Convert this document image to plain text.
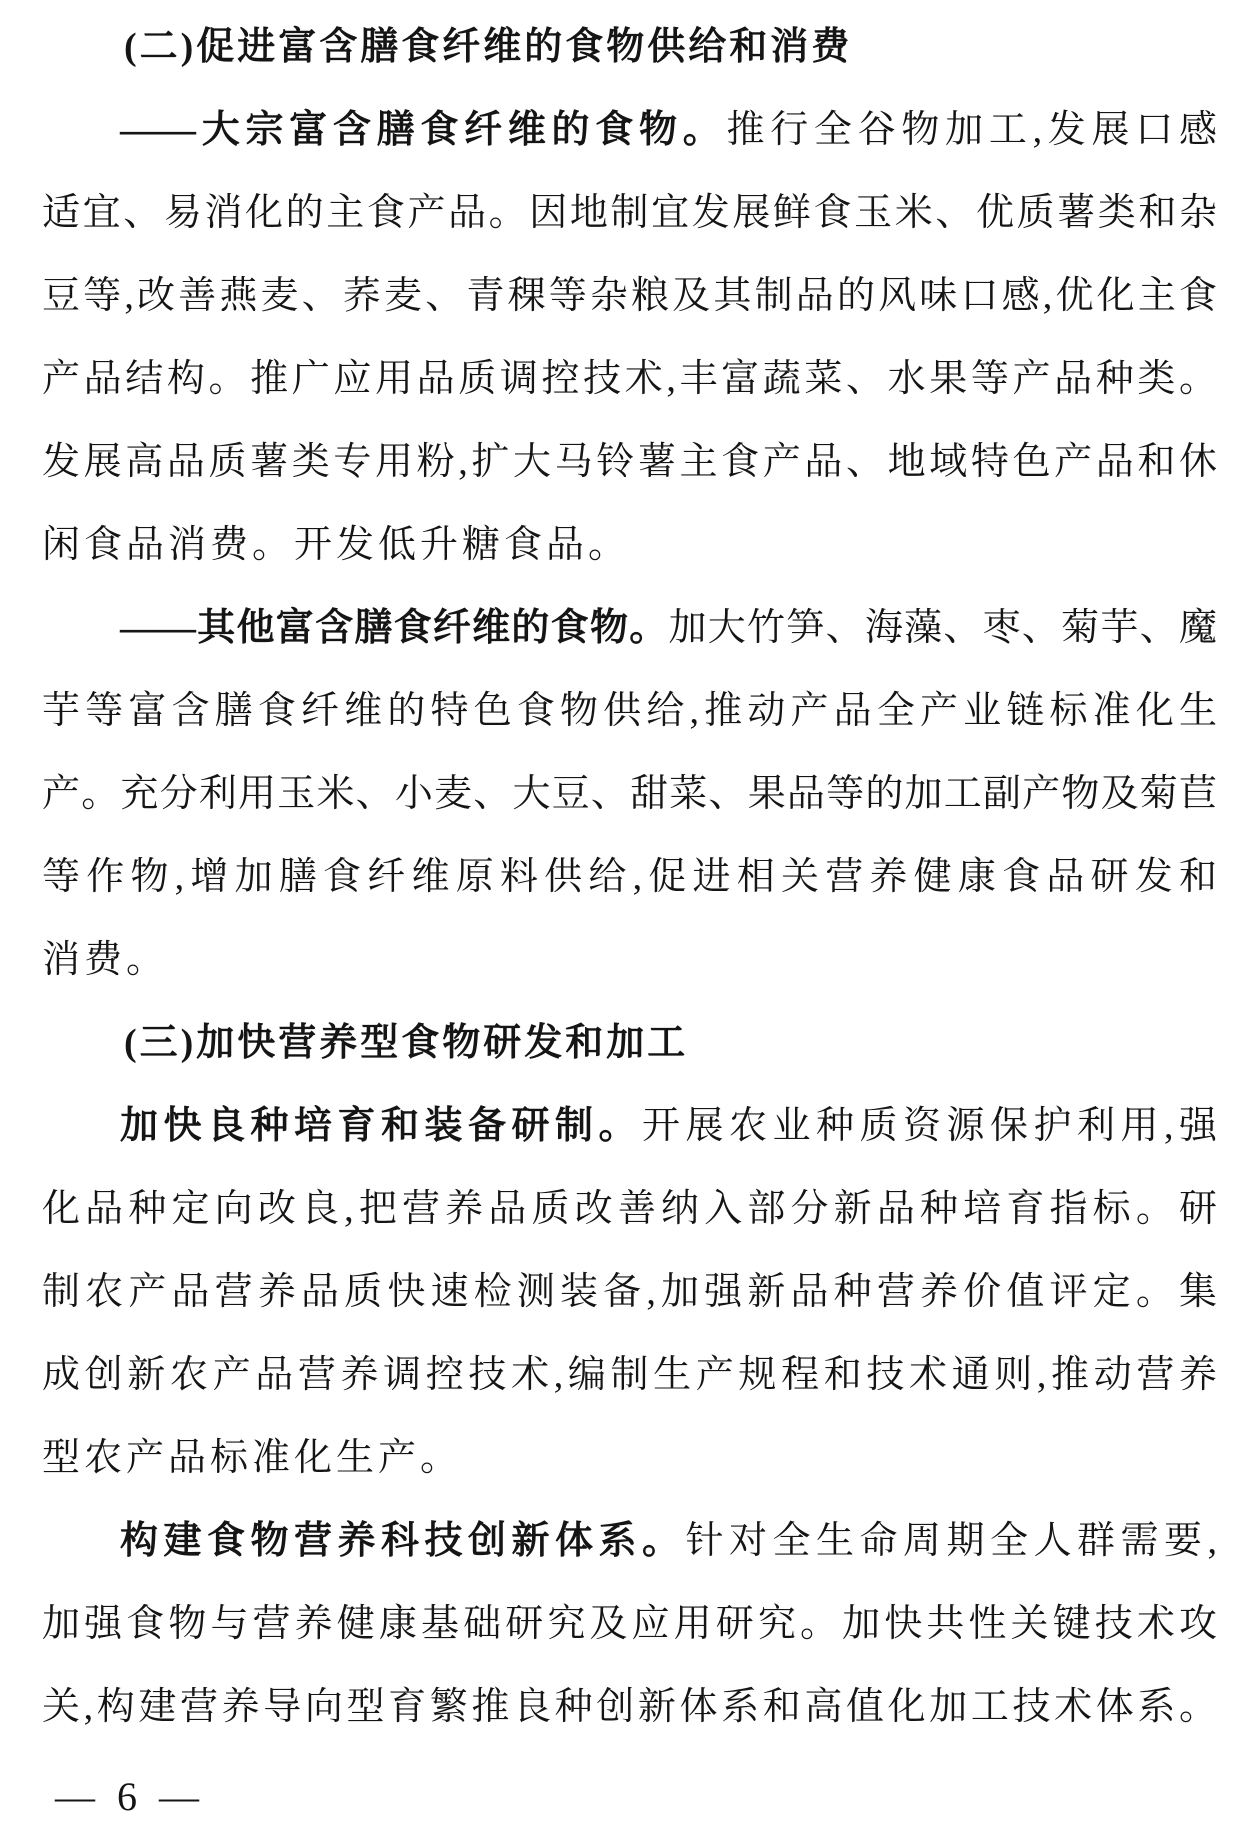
(二)促进富含膳食纤维的食物供给和消费
——大宗富含膳食纤维的食物。推行全谷物加工,发展口感
适宜、易消化的主食产品。因地制宜发展鲜食玉米、优质薯类和杂
豆等,改善燕麦、荞麦、青稞等杂粮及其制品的风味口感,优化主食
产品结构。推广应用品质调控技术,丰富蔬菜、水果等产品种类。
发展高品质薯类专用粉,扩大马铃薯主食产品、地域特色产品和休
闲食品消费。开发低升糖食品。
——其他富含膳食纤维的食物。加大竹笋、海藻、枣、菊芋、魔
芋等富含膳食纤维的特色食物供给,推动产品全产业链标准化生
产。充分利用玉米、小麦、大豆、甜菜、果品等的加工副产物及菊苣
等作物,增加膳食纤维原料供给,促进相关营养健康食品研发和
消费。
(三)加快营养型食物研发和加工
加快良种培育和装备研制。开展农业种质资源保护利用,强
化品种定向改良,把营养品质改善纳入部分新品种培育指标。研
制农产品营养品质快速检测装备,加强新品种营养价值评定。集
成创新农产品营养调控技术,编制生产规程和技术通则,推动营养
型农产品标准化生产。
构建食物营养科技创新体系。针对全生命周期全人群需要,
加强食物与营养健康基础研究及应用研究。加快共性关键技术攻
关,构建营养导向型育繁推良种创新体系和高值化加工技术体系。
— 6 —
